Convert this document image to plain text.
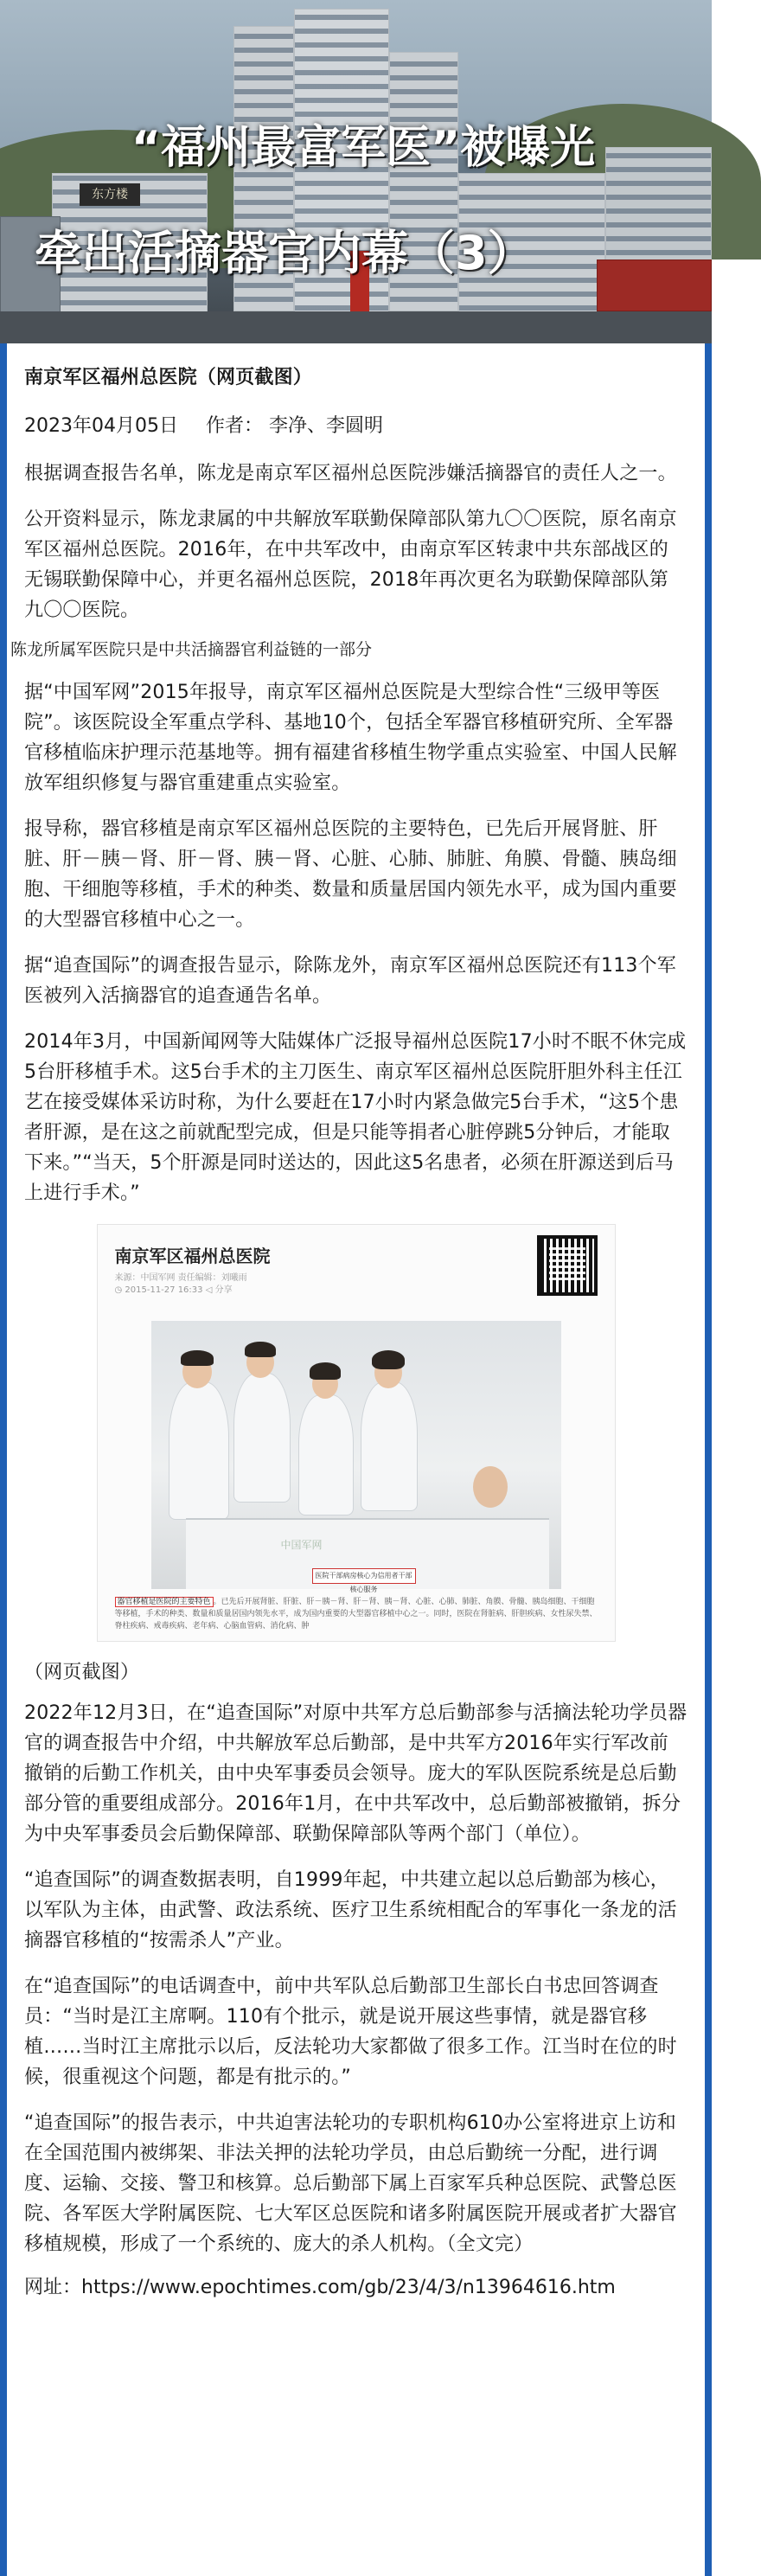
东方楼
“福州最富军医”被曝光
牵出活摘器官内幕（3）
南京军区福州总医院（网页截图）
2023年04月05日 作者： 李净、李圆明
根据调查报告名单，陈龙是南京军区福州总医院涉嫌活摘器官的责任人之一。
公开资料显示，陈龙隶属的中共解放军联勤保障部队第九〇〇医院，原名南京军区福州总医院。2016年，在中共军改中，由南京军区转隶中共东部战区的无锡联勤保障中心，并更名福州总医院，2018年再次更名为联勤保障部队第九〇〇医院。
陈龙所属军医院只是中共活摘器官利益链的一部分
据“中国军网”2015年报导，南京军区福州总医院是大型综合性“三级甲等医院”。该医院设全军重点学科、基地10个，包括全军器官移植研究所、全军器官移植临床护理示范基地等。拥有福建省移植生物学重点实验室、中国人民解放军组织修复与器官重建重点实验室。
报导称，器官移植是南京军区福州总医院的主要特色，已先后开展肾脏、肝脏、肝－胰－肾、肝－肾、胰－肾、心脏、心肺、肺脏、角膜、骨髓、胰岛细胞、干细胞等移植，手术的种类、数量和质量居国内领先水平，成为国内重要的大型器官移植中心之一。
据“追查国际”的调查报告显示，除陈龙外，南京军区福州总医院还有113个军医被列入活摘器官的追查通告名单。
2014年3月，中国新闻网等大陆媒体广泛报导福州总医院17小时不眠不休完成5台肝移植手术。这5台手术的主刀医生、南京军区福州总医院肝胆外科主任江艺在接受媒体采访时称，为什么要赶在17小时内紧急做完5台手术，“这5个患者肝源，是在这之前就配型完成，但是只能等捐者心脏停跳5分钟后，才能取下来。”“当天，5个肝源是同时送达的，因此这5名患者，必须在肝源送到后马上进行手术。”
南京军区福州总医院
来源：中国军网 责任编辑：刘曦雨
◷ 2015-11-27 16:33 ◁ 分享
中国军网
医院干部病房核心为信用者干部核心服务
器官移植是医院的主要特色 。已先后开展肾脏、肝脏、肝－胰－肾、肝－肾、胰－肾、心脏、心肺、肺脏、角膜、骨髓、胰岛细胞、干细胞等移植，手术的种类、数量和质量居国内领先水平，成为国内重要的大型器官移植中心之一。同时，医院在肾脏病、肝胆疾病、女性尿失禁、脊柱疾病、戒毒疾病、老年病、心脑血管病、消化病、肿
（网页截图）
2022年12月3日，在“追查国际”对原中共军方总后勤部参与活摘法轮功学员器官的调查报告中介绍，中共解放军总后勤部，是中共军方2016年实行军改前撤销的后勤工作机关，由中央军事委员会领导。庞大的军队医院系统是总后勤部分管的重要组成部分。2016年1月，在中共军改中，总后勤部被撤销，拆分为中央军事委员会后勤保障部、联勤保障部队等两个部门（单位）。
“追查国际”的调查数据表明，自1999年起，中共建立起以总后勤部为核心，以军队为主体，由武警、政法系统、医疗卫生系统相配合的军事化一条龙的活摘器官移植的“按需杀人”产业。
在“追查国际”的电话调查中，前中共军队总后勤部卫生部长白书忠回答调查员：“当时是江主席啊。110有个批示，就是说开展这些事情，就是器官移植……当时江主席批示以后，反法轮功大家都做了很多工作。江当时在位的时候，很重视这个问题，都是有批示的。”
“追查国际”的报告表示，中共迫害法轮功的专职机构610办公室将进京上访和在全国范围内被绑架、非法关押的法轮功学员，由总后勤统一分配，进行调度、运输、交接、警卫和核算。总后勤部下属上百家军兵种总医院、武警总医院、各军医大学附属医院、七大军区总医院和诸多附属医院开展或者扩大器官移植规模，形成了一个系统的、庞大的杀人机构。（全文完）
网址：https://www.epochtimes.com/gb/23/4/3/n13964616.htm
